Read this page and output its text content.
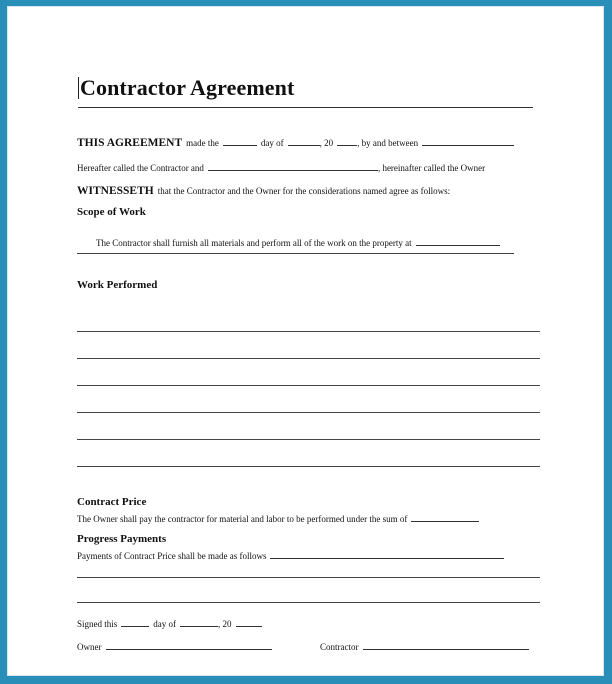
Contractor Agreement
THIS AGREEMENT made the	day of	, 20	, by and between
Hereafter called the Contractor and	, hereinafter called the Owner
WITNESSETH that the Contractor and the Owner for the considerations named agree as follows:
Scope of Work
The Contractor shall furnish all materials and perform all of the work on the property at
Work Performed
Contract Price
The Owner shall pay the contractor for material and labor to be performed under the sum of
Progress Payments
Payments of Contract Price shall be made as follows
Signed this	day of	, 20
Owner	Contractor
